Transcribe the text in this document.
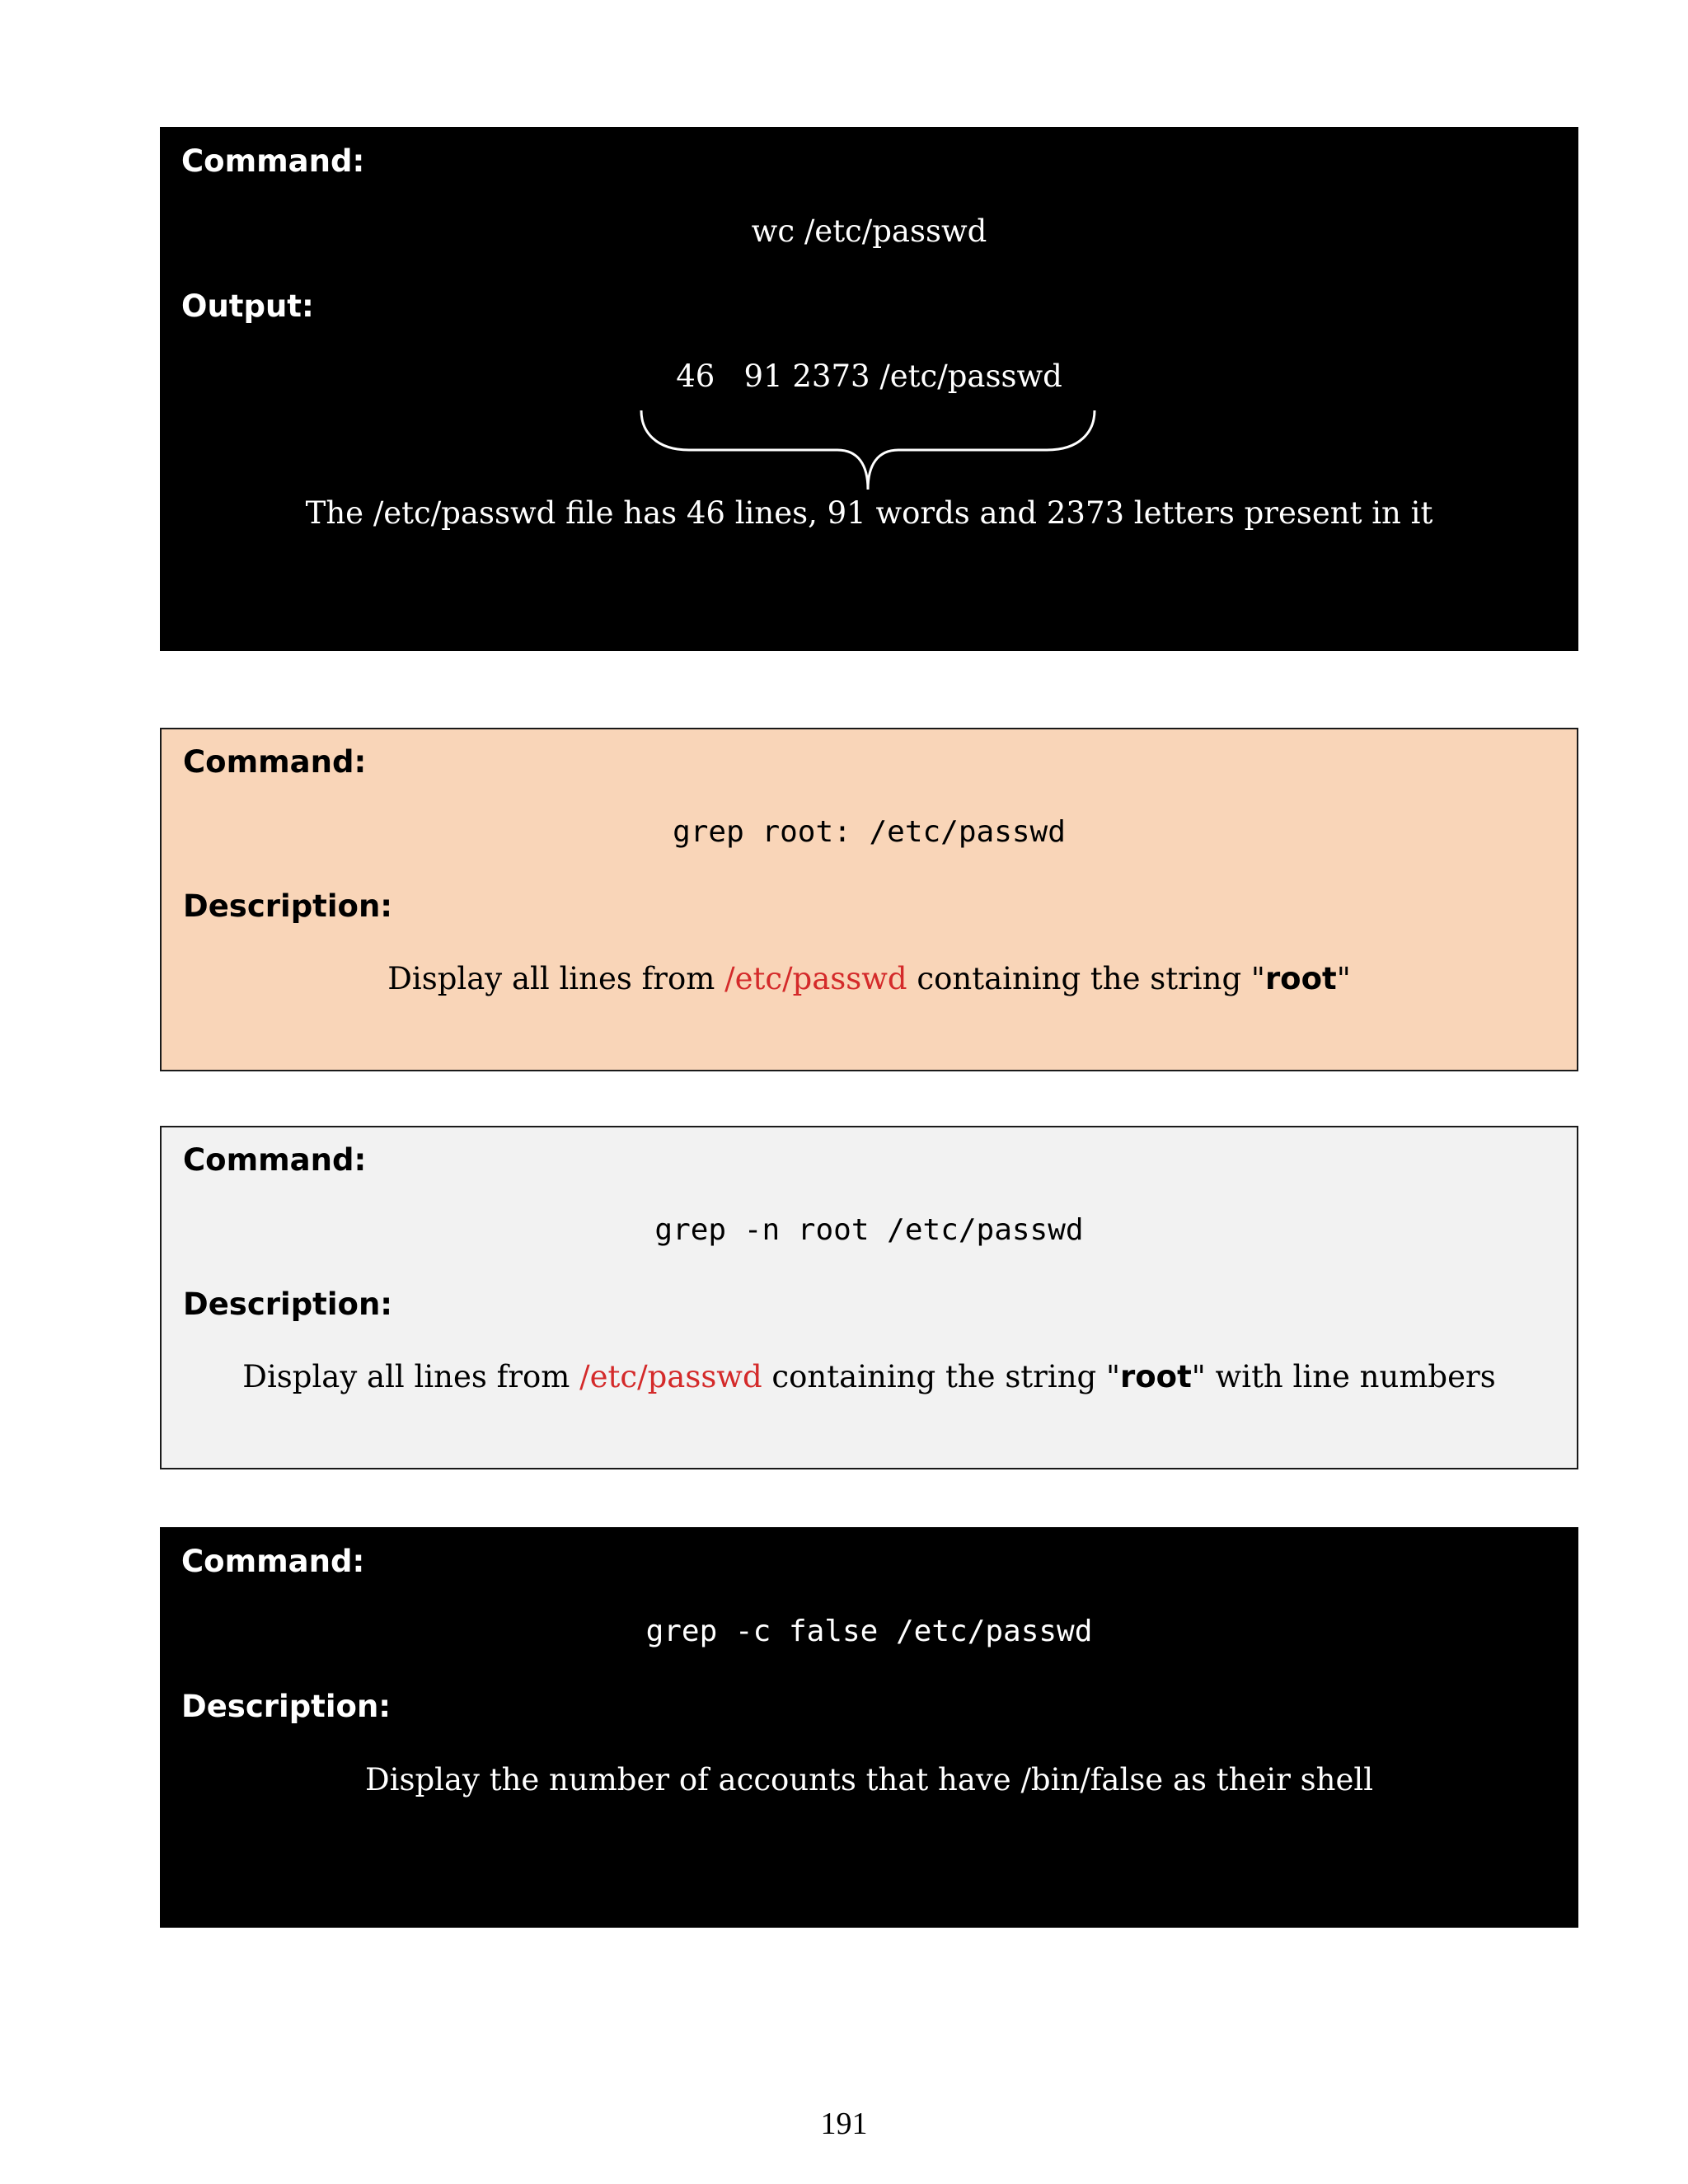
Command:

wc /etc/passwd

Output:

46   91 2373 /etc/passwd

The /etc/passwd file has 46 lines, 91 words and 2373 letters present in it

Command:

grep root: /etc/passwd

Description:

Display all lines from /etc/passwd containing the string "root"

Command:

grep -n root /etc/passwd

Description:

Display all lines from /etc/passwd containing the string "root" with line numbers

Command:

grep -c false /etc/passwd

Description:

Display the number of accounts that have /bin/false as their shell

191
